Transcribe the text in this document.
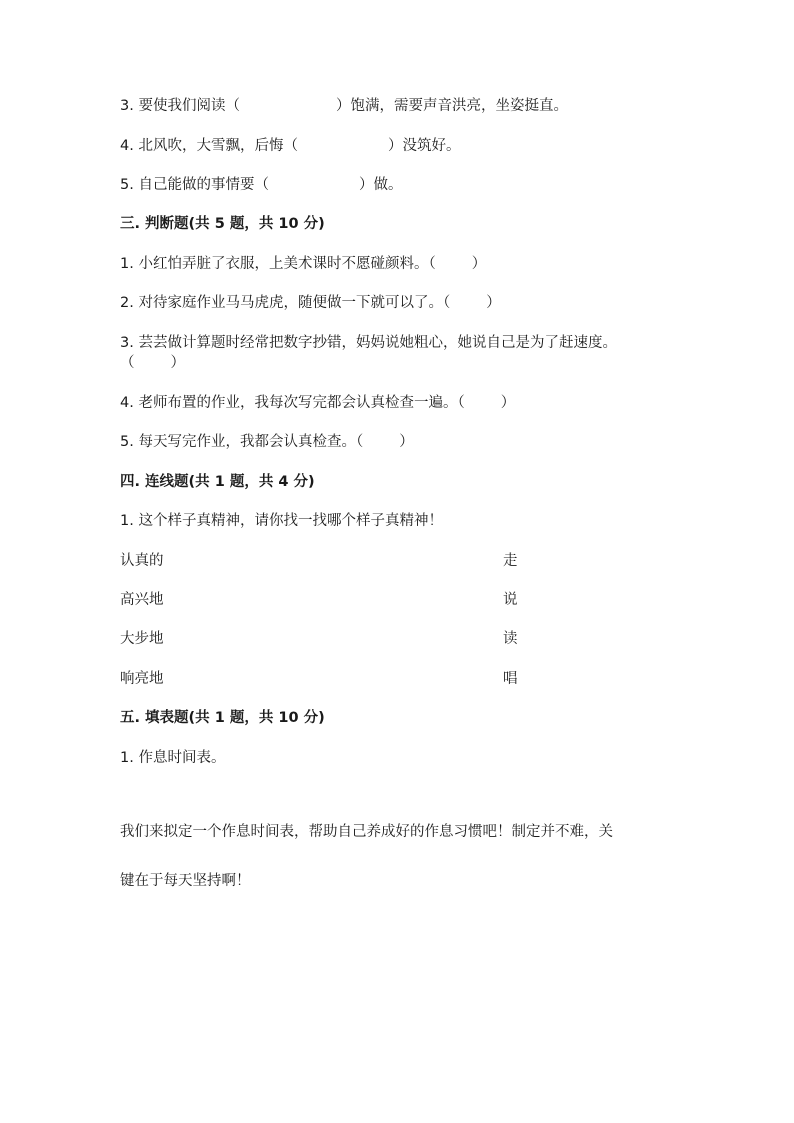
3. 要使我们阅读（	）饱满，需要声音洪亮，坐姿挺直。
4. 北风吹，大雪飘，后悔（	）没筑好。
5. 自己能做的事情要（	）做。
三. 判断题(共 5 题，共 10 分)
1. 小红怕弄脏了衣服，上美术课时不愿碰颜料。（ ）
2. 对待家庭作业马马虎虎，随便做一下就可以了。（ ）
3. 芸芸做计算题时经常把数字抄错，妈妈说她粗心，她说自己是为了赶速度。
（ ）
4. 老师布置的作业，我每次写完都会认真检查一遍。（ ）
5. 每天写完作业，我都会认真检查。（ ）
四. 连线题(共 1 题，共 4 分)
1. 这个样子真精神，请你找一找哪个样子真精神！
认真的	走
高兴地	说
大步地	读
响亮地	唱
五. 填表题(共 1 题，共 10 分)
1. 作息时间表。
我们来拟定一个作息时间表，帮助自己养成好的作息习惯吧！制定并不难，关
键在于每天坚持啊！
